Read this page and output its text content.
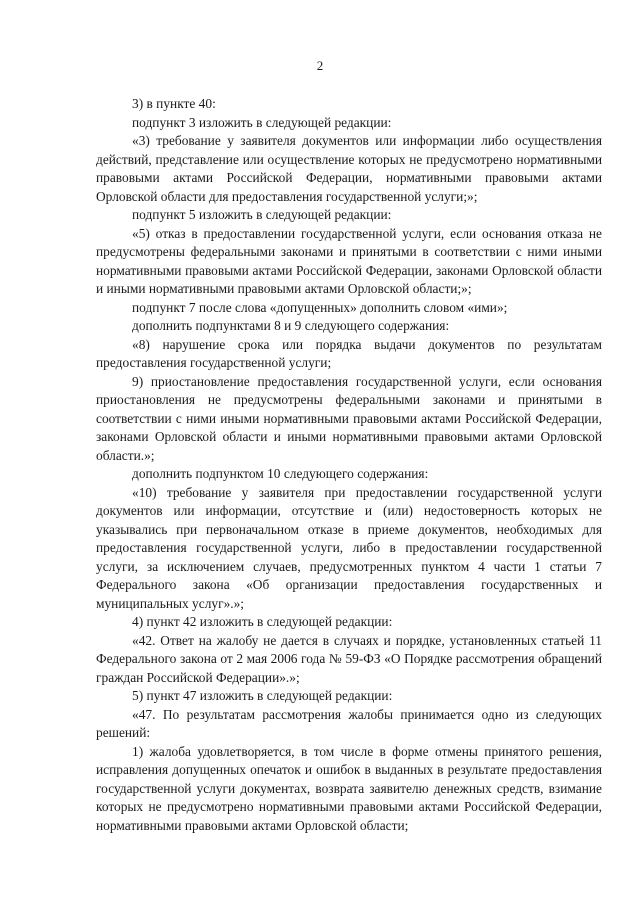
2

3) в пункте 40:

подпункт 3 изложить в следующей редакции:

«3) требование у заявителя документов или информации либо осуществления действий, представление или осуществление которых не предусмотрено нормативными правовыми актами Российской Федерации, нормативными правовыми актами Орловской области для предоставления государственной услуги;»;

подпункт 5 изложить в следующей редакции:

«5) отказ в предоставлении государственной услуги, если основания отказа не предусмотрены федеральными законами и принятыми в соответствии с ними иными нормативными правовыми актами Российской Федерации, законами Орловской области и иными нормативными правовыми актами Орловской области;»;

подпункт 7 после слова «допущенных» дополнить словом «ими»;

дополнить подпунктами 8 и 9 следующего содержания:

«8) нарушение срока или порядка выдачи документов по результатам предоставления государственной услуги;

9) приостановление предоставления государственной услуги, если основания приостановления не предусмотрены федеральными законами и принятыми в соответствии с ними иными нормативными правовыми актами Российской Федерации, законами Орловской области и иными нормативными правовыми актами Орловской области.»;

дополнить подпунктом 10 следующего содержания:

«10) требование у заявителя при предоставлении государственной услуги документов или информации, отсутствие и (или) недостоверность которых не указывались при первоначальном отказе в приеме документов, необходимых для предоставления государственной услуги, либо в предоставлении государственной услуги, за исключением случаев, предусмотренных пунктом 4 части 1 статьи 7 Федерального закона «Об организации предоставления государственных и муниципальных услуг».»;

4) пункт 42 изложить в следующей редакции:

«42. Ответ на жалобу не дается в случаях и порядке, установленных статьей 11 Федерального закона от 2 мая 2006 года № 59-ФЗ «О Порядке рассмотрения обращений граждан Российской Федерации».»;

5) пункт 47 изложить в следующей редакции:

«47. По результатам рассмотрения жалобы принимается одно из следующих решений:

1) жалоба удовлетворяется, в том числе в форме отмены принятого решения, исправления допущенных опечаток и ошибок в выданных в результате предоставления государственной услуги документах, возврата заявителю денежных средств, взимание которых не предусмотрено нормативными правовыми актами Российской Федерации, нормативными правовыми актами Орловской области;
